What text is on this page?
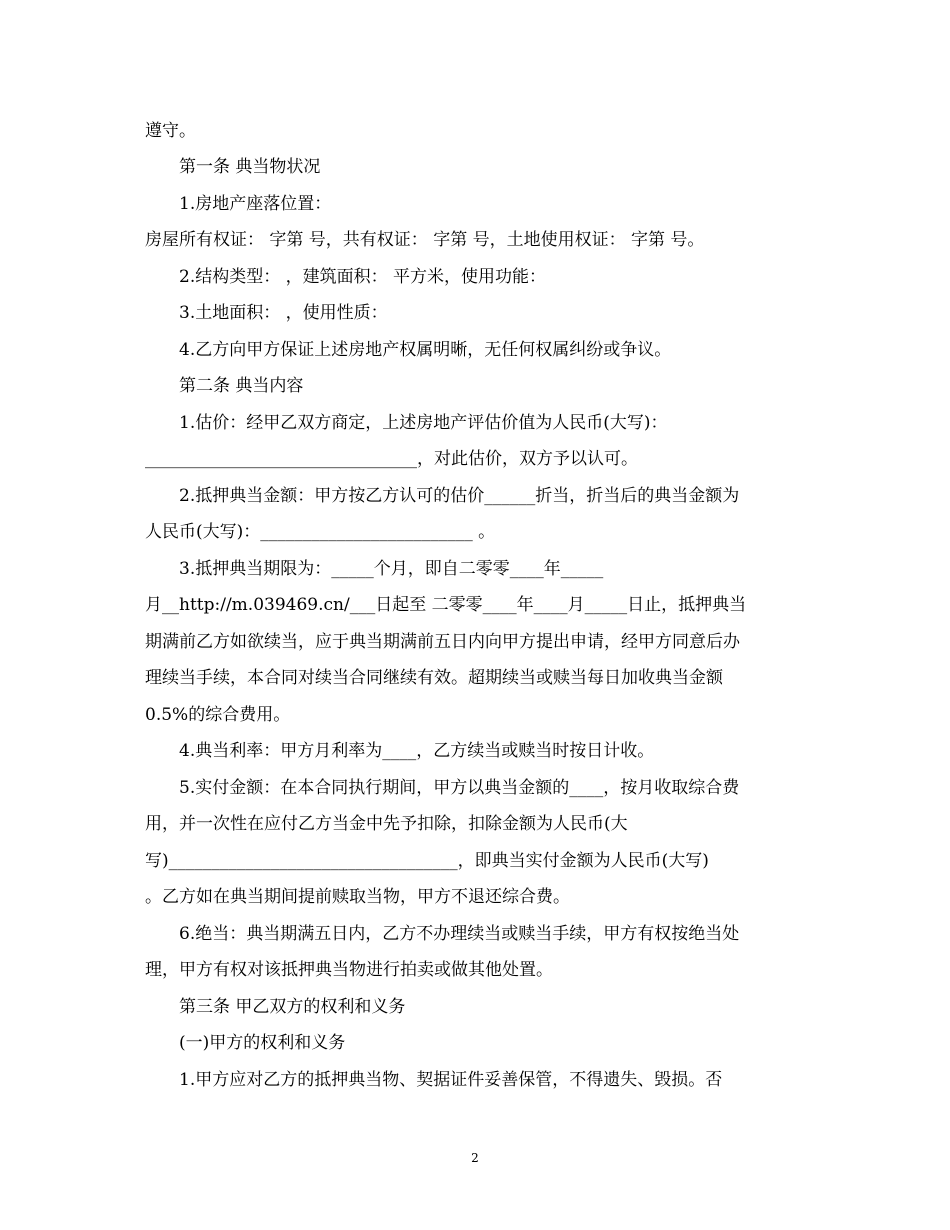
遵守。
第一条 典当物状况
1.房地产座落位置：
房屋所有权证： 字第 号，共有权证： 字第 号，土地使用权证： 字第 号。
2.结构类型： ，建筑面积： 平方米，使用功能：
3.土地面积： ，使用性质：
4.乙方向甲方保证上述房地产权属明晰，无任何权属纠纷或争议。
第二条 典当内容
1.估价：经甲乙双方商定，上述房地产评估价值为人民币(大写)：
________________________________，对此估价，双方予以认可。
2.抵押典当金额：甲方按乙方认可的估价______折当，折当后的典当金额为
人民币(大写)：_________________________ 。
3.抵押典当期限为：_____个月，即自二零零____年_____
月__http://m.039469.cn/___日起至 二零零____年____月_____日止，抵押典当
期满前乙方如欲续当，应于典当期满前五日内向甲方提出申请，经甲方同意后办
理续当手续，本合同对续当合同继续有效。超期续当或赎当每日加收典当金额
0.5%的综合费用。
4.典当利率：甲方月利率为____，乙方续当或赎当时按日计收。
5.实付金额：在本合同执行期间，甲方以典当金额的____，按月收取综合费
用，并一次性在应付乙方当金中先予扣除，扣除金额为人民币(大
写)__________________________________，即典当实付金额为人民币(大写)
。乙方如在典当期间提前赎取当物，甲方不退还综合费。
6.绝当：典当期满五日内，乙方不办理续当或赎当手续，甲方有权按绝当处
理，甲方有权对该抵押典当物进行拍卖或做其他处置。
第三条 甲乙双方的权利和义务
(一)甲方的权利和义务
1.甲方应对乙方的抵押典当物、契据证件妥善保管，不得遗失、毁损。否
2
